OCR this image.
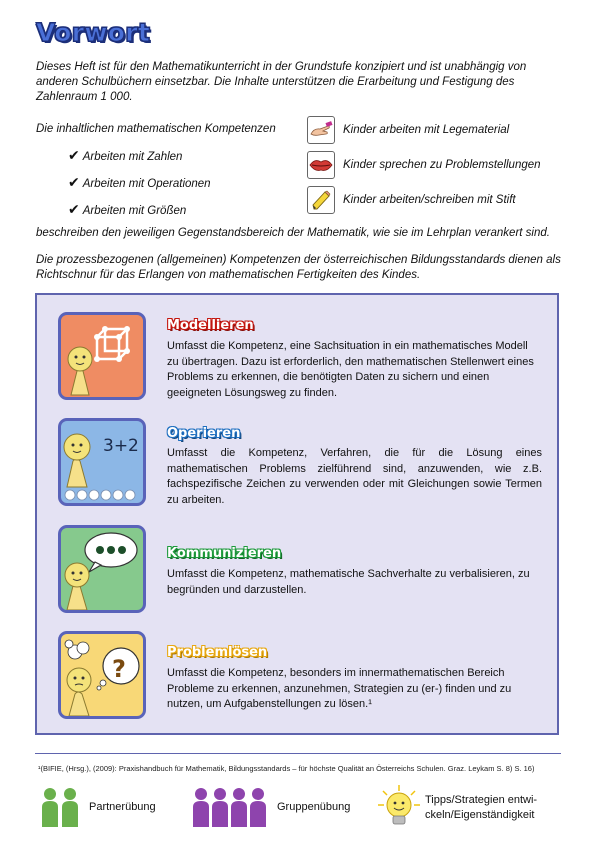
Vorwort
Dieses Heft ist für den Mathematikunterricht in der Grundstufe konzipiert und ist unabhängig von anderen Schulbüchern einsetzbar. Die Inhalte unterstützen die Erarbeitung und Festigung des Zahlenraum 1 000.
Die inhaltlichen mathematischen Kompetenzen
✔ Arbeiten mit Zahlen
✔ Arbeiten mit Operationen
✔ Arbeiten mit Größen
Kinder arbeiten mit Legematerial
Kinder sprechen zu Problemstellungen
Kinder arbeiten/schreiben mit Stift
beschreiben den jeweiligen Gegenstandsbereich der Mathematik, wie sie im Lehrplan verankert sind.
Die prozessbezogenen (allgemeinen) Kompetenzen der österreichischen Bildungsstandards dienen als Richtschnur für das Erlangen von mathematischen Fertigkeiten des Kindes.
Modellieren
Umfasst die Kompetenz, eine Sachsituation in ein mathematisches Modell zu übertragen. Dazu ist erforderlich, den mathematischen Stellenwert eines Problems zu erkennen, die benötigten Daten zu sichern und einen geeigneten Lösungsweg zu finden.
3+2
Operieren
Umfasst die Kompetenz, Verfahren, die für die Lösung eines mathematischen Problems zielführend sind, anzuwenden, wie z.B. fachspezifische Zeichen zu verwenden oder mit Gleichungen sowie Termen zu arbeiten.
Kommunizieren
Umfasst die Kompetenz, mathematische Sachverhalte zu verbalisieren, zu begründen und darzustellen.
?
Problemlösen
Umfasst die Kompetenz, besonders im innermathematischen Bereich Probleme zu erkennen, anzunehmen, Strategien zu (er-) finden und zu nutzen, um Aufgabenstellungen zu lösen.¹
¹(BIFIE, (Hrsg.), (2009): Praxishandbuch für Mathematik, Bildungsstandards – für höchste Qualität an Österreichs Schulen. Graz. Leykam S. 8) S. 16)
Partnerübung	Gruppenübung
Tipps/Strategien entwi-
ckeln/Eigenständigkeit
